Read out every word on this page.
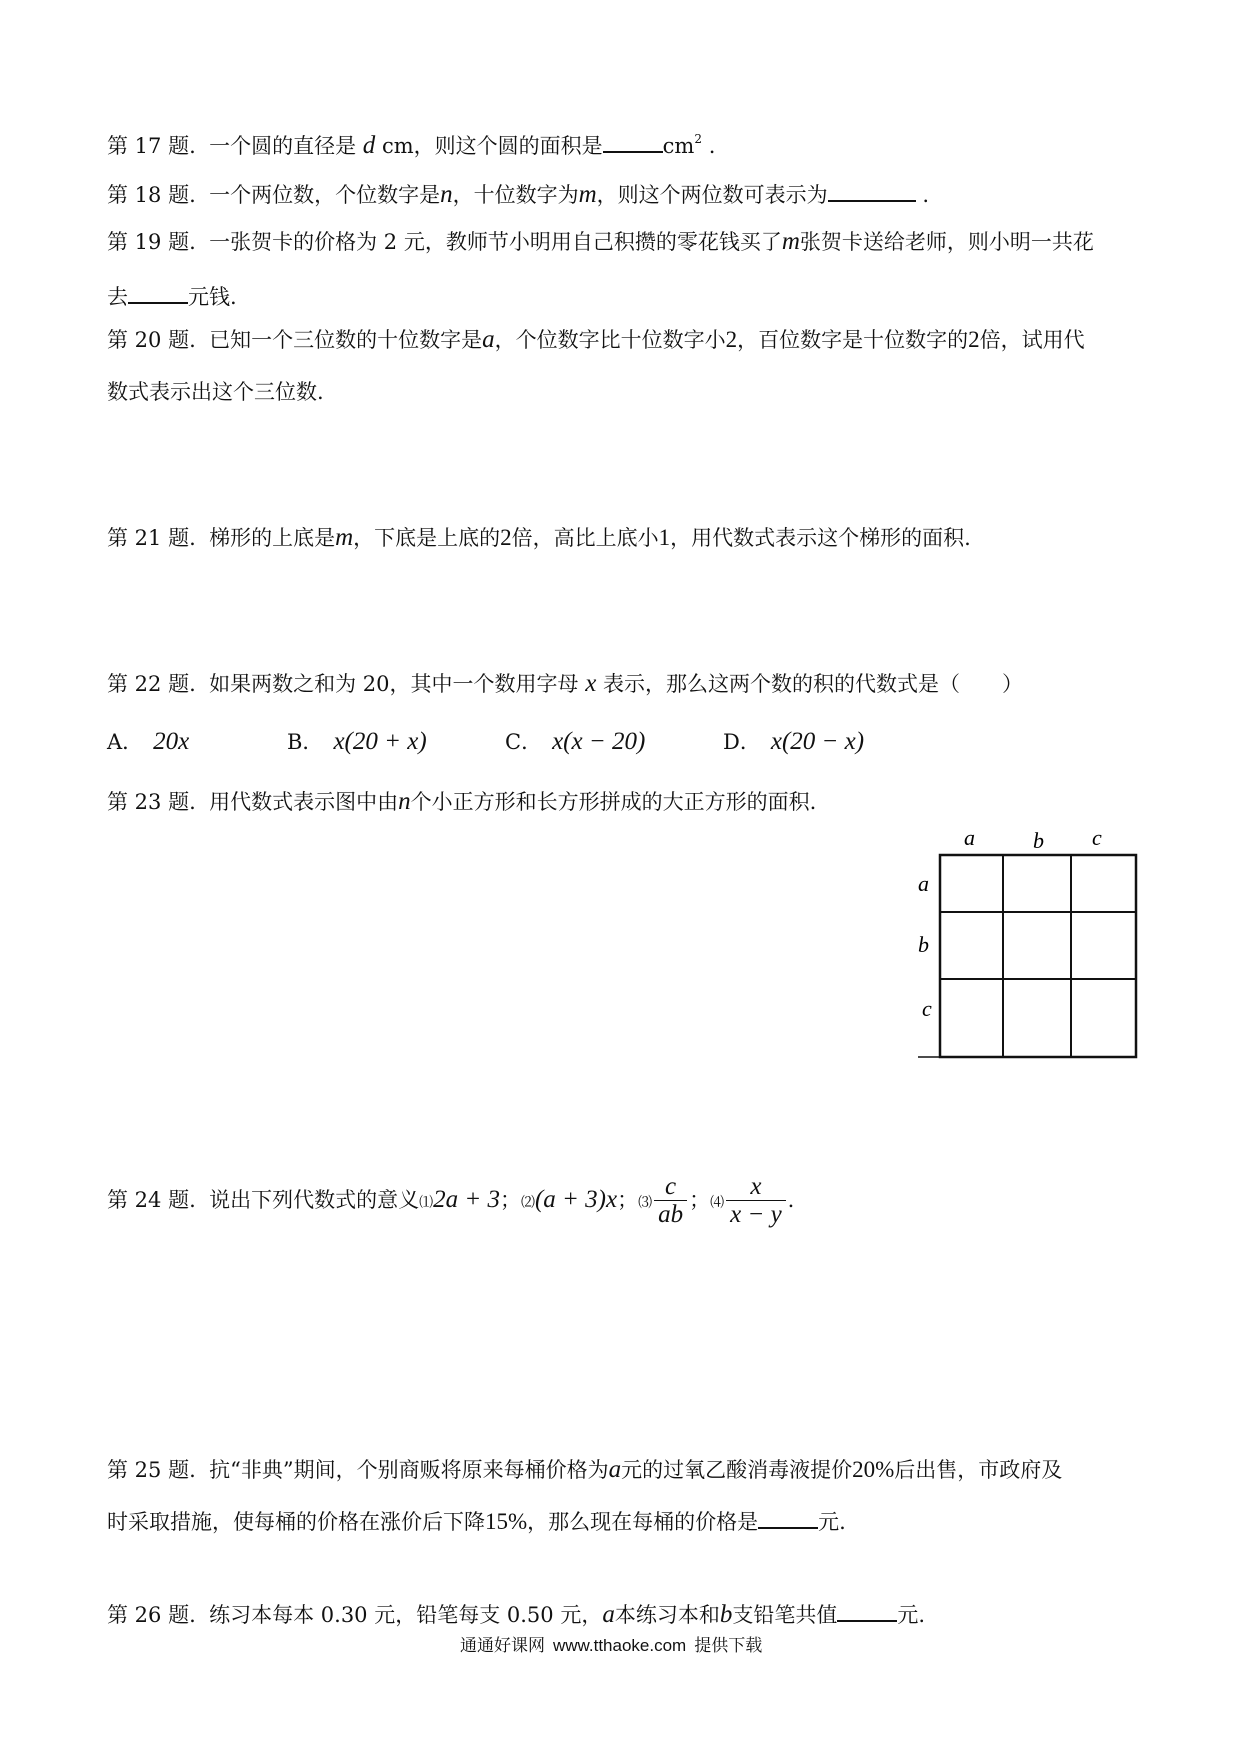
第 17 题. 一个圆的直径是 d cm，则这个圆的面积是	$cm^2$ .
第 18 题. 一个两位数，个位数字是n，十位数字为m，则这个两位数可表示为	.
第 19 题. 一张贺卡的价格为 2 元，教师节小明用自己积攒的零花钱买了m张贺卡送给老师，则小明一共花
去	元钱.
第 20 题. 已知一个三位数的十位数字是a，个位数字比十位数字小2，百位数字是十位数字的2倍，试用代
数式表示出这个三位数.
第 21 题. 梯形的上底是m，下底是上底的2倍，高比上底小1，用代数式表示这个梯形的面积.
第 22 题. 如果两数之和为 20，其中一个数用字母 x 表示，那么这两个数的积的代数式是（　　）
A． 20x	B． x(20 + x)	C． x(x − 20)	D． x(20 − x)
第 23 题. 用代数式表示图中由n个小正方形和长方形拼成的大正方形的面积.
a	b c
a
b
c
第 24 题. 说出下列代数式的意义⑴2a + 3；⑵(a + 3)x；⑶ $\frac{c}{ab}$ ；⑷ $\frac{x}{x - y}$ .
第 25 题. 抗“非典”期间，个别商贩将原来每桶价格为a元的过氧乙酸消毒液提价20%后出售，市政府及
时采取措施，使每桶的价格在涨价后下降15%，那么现在每桶的价格是	元.
第 26 题. 练习本每本 0.30 元，铅笔每支 0.50 元，a本练习本和b支铅笔共值	元.
通通好课网 www.tthaoke.com 提供下载
